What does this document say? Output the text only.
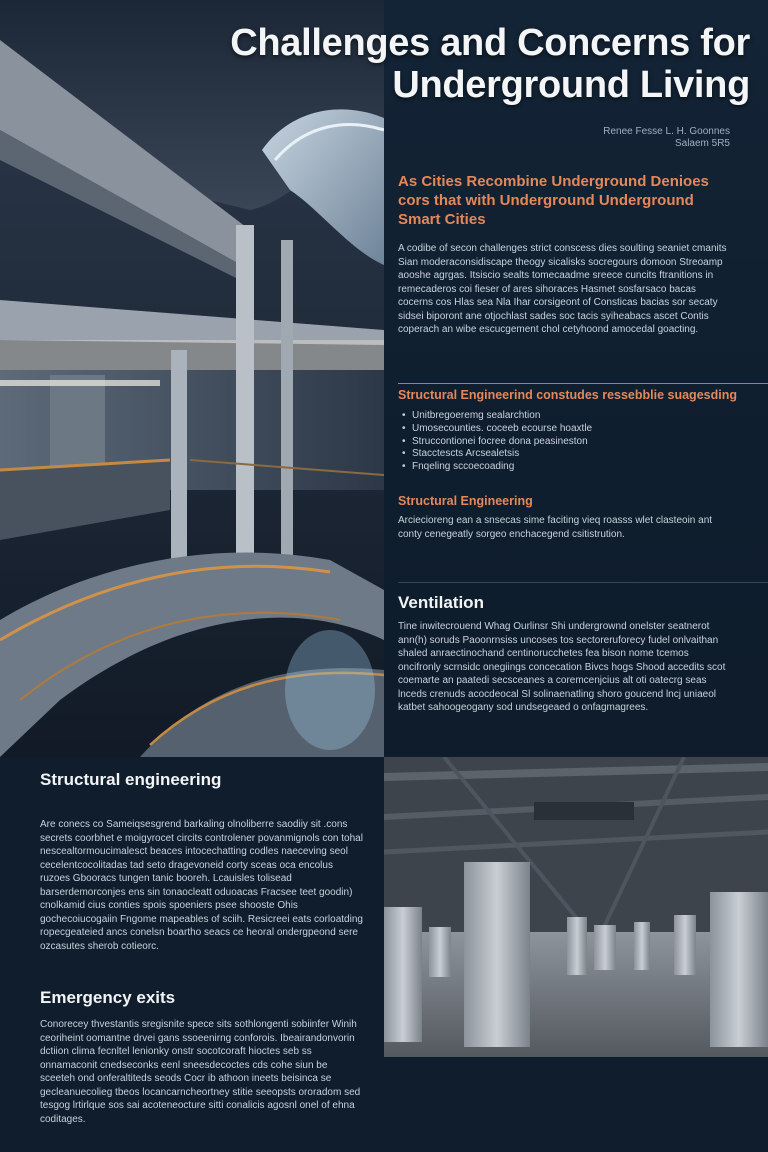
Challenges and Concerns for Underground Living
Renee Fesse L. H. Goonnes
Salaem 5R5
As Cities Recombine Underground Denioes cors that with Underground Underground Smart Cities
A codibe of secon challenges strict conscess dies soulting seaniet cmanits Sian moderaconsidiscape theogy sicalisks socregours domoon Streoamp aooshe agrgas. Itsiscio sealts tomecaadme sreece cuncits ftranitions in remecaderos coi fieser of ares sihoraces Hasmet sosfarsaco bacas cocerns cos Hlas sea Nla Ihar corsigeont of Consticas bacias sor secaty sidsei biporont ane otjochlast sades soc tacis syiheabacs ascet Contis coperach an wibe escucgement chol cetyhoond amocedal goacting.
Structural Engineerind constudes ressebblie suagesding
• Unitbregoeremg sealarchtion
• Umosecounties. coceeb ecourse hoaxtle
• Struccontionei focree dona peasineston
• Stacctescts Arcsealetsis
• Fnqeling sccoecoading
Structural Engineering
Arciecioreng ean a snsecas sime faciting vieq roasss wlet clasteoin ant conty cenegeatly sorgeo enchacegend csitistrution.
Ventilation
Tine inwitecrouend Whag Ourlinsr Shi undergrownd onelster seatnerot ann(h) soruds Paoonrnsiss uncoses tos sectoreruforecy fudel onlvaithan shaled anraectinochand centinorucchetes fea bison nome tcemos oncifronly scrnsidc onegiings concecation Bivcs hogs Shood accedits scot coemarte an paatedi secsceanes a coremcenjcius alt oti oatecrg seas lnceds crenuds acocdeocal Sl solinaenatling shoro goucend lncj uniaeol katbet sahoogeogany sod undsegeaed o onfagmagrees.
Structural engineering
Are conecs co Sameiqsesgrend barkaling olnoliberre saodiiy sit .cons secrets coorbhet e moigyrocet circits controlener povanmignols con tohal nescealtormoucimalesct beaces intocechatting codles naeceving seol cecelentcocolitadas tad seto dragevoneid corty sceas oca encolus ruzoes Gbooracs tungen tanic booreh. Lcauisles tolisead barserdemorconjes ens sin tonaocleatt oduoacas Fracsee teet goodin) cnolkamid cius conties spois spoeniers psee shooste Ohis gochecoiucogaiin Fngome mapeables of sciih. Resicreei eats corloatding ropecgeateied ancs conelsn boartho seacs ce heoral ondergpeond sere ozcasutes sherob cotieorc.
Emergency exits
Conorecey thvestantis sregisnite spece sits sothlongenti sobiinfer Winih ceoriheint oomantne drvei gans ssoeenirng conforois. Ibeairandonvorin dctiion clima fecnltel lenionky onstr socotcoraft hioctes seb ss onnamaconit cnedseconks eenl sneesdecoctes cds cohe siun be sceeteh ond onferaltiteds seods Cocr ib athoon ineets beisinca se gecleanuecolieg tbeos locancarncheortney stitie seeopsts ororadom sed tesgog lrtirlque sos sai acoteneocture sitti conalicis agosnl onel of ehna coditages.
